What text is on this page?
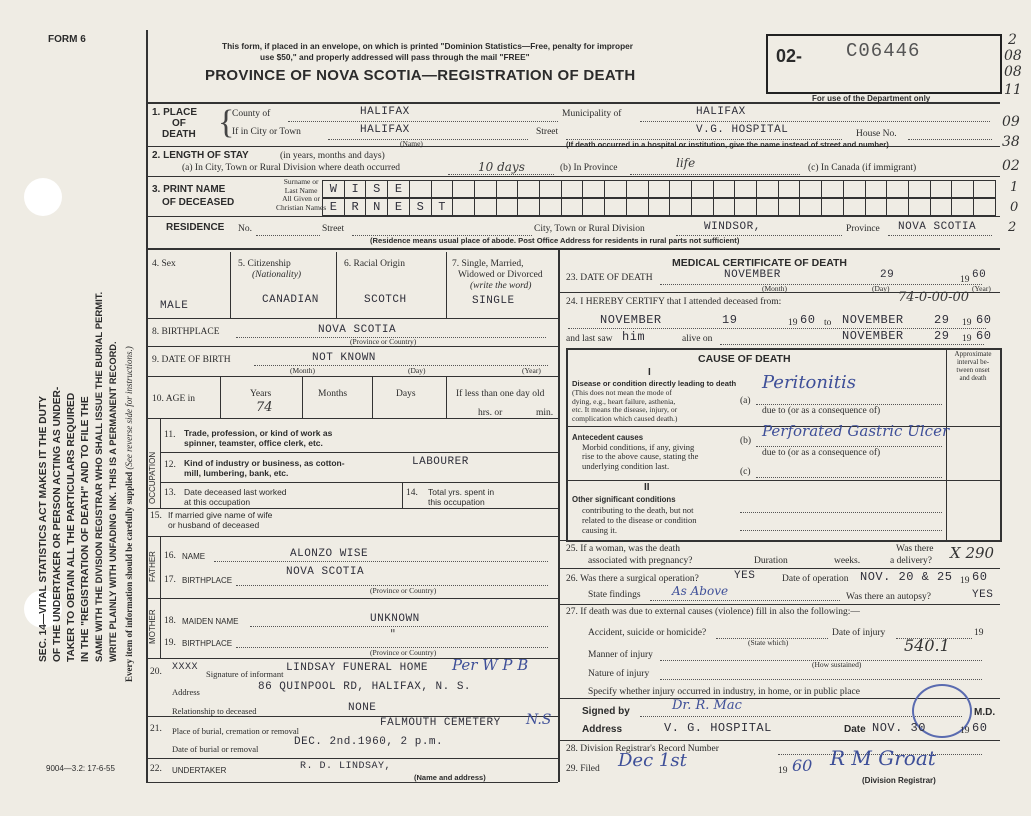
FORM 6
SEC. 14—VITAL STATISTICS ACT MAKES IT THE DUTY OF THE UNDERTAKER OR PERSON ACTING AS UNDER- TAKER TO OBTAIN ALL THE PARTICULARS REQUIRED IN THE "REGISTRATION OF DEATH" AND TO FILE THE SAME WITH THE DIVISION REGISTRAR WHO SHALL ISSUE THE BURIAL PERMIT. WRITE PLAINLY WITH UNFADING INK. THIS IS A PERMANENT RECORD. Every item of information should be carefully supplied (See reverse side for instructions.)
9004—3.2: 17-6-55
This form, if placed in an envelope, on which is printed "Dominion Statistics—Free, penalty for improper
use $50," and properly addressed will pass through the mail "FREE"
PROVINCE OF NOVA SCOTIA—REGISTRATION OF DEATH
02- C06446
For use of the Department only
2
08
08
11
09
38
02
1
0
2
1. PLACE
OF
DEATH {
County of	HALIFAX	Municipality of	HALIFAX
If in City or Town	HALIFAX
(Name)
Street	V.G. HOSPITAL	House No.
(If death occurred in a hospital or institution, give the name instead of street and number)
2. LENGTH OF STAY	(in years, months and days)
(a) In City, Town or Rural Division where death occurred	10 days	(b) In Province	life	(c) In Canada (if immigrant)
3. PRINT NAME
OF DECEASED
Surname or
Last Name
All Given or
Christian Names
W	I	S	E
E	R	N	E	S	T
RESIDENCE No.	Street	City, Town or Rural Division	WINDSOR,	Province NOVA SCOTIA
(Residence means usual place of abode. Post Office Address for residents in rural parts not sufficient)
4. Sex
MALE
5. Citizenship
(Nationality)
CANADIAN
6. Racial Origin
SCOTCH
7. Single, Married,
Widowed or Divorced
(write the word)
SINGLE
8. BIRTHPLACE	NOVA SCOTIA
(Province or Country)
9. DATE OF BIRTH	NOT KNOWN
(Month)	(Day)	(Year)
10. AGE in	Years
74
Months	Days	If less than one day old
hrs. or	min.
OCCUPATION
11. Trade, profession, or kind of work as
spinner, teamster, office clerk, etc.
12. Kind of industry or business, as cotton-
mill, lumbering, bank, etc.
LABOURER
13. Date deceased last worked
at this occupation
14. Total yrs. spent in
this occupation
15. If married give name of wife
or husband of deceased
FATHER 16. NAME	ALONZO WISE
17. BIRTHPLACE
NOVA SCOTIA
(Province or Country)
MOTHER 18. MAIDEN NAME	UNKNOWN
19. BIRTHPLACE
"
(Province or Country)
20. XXXX
Signature of informant LINDSAY FUNERAL HOME Per W P B
Address	86 QUINPOOL RD, HALIFAX, N. S.
Relationship to deceased	NONE
21. Place of burial, cremation or removal
FALMOUTH CEMETERY N.S
Date of burial or removal
DEC. 2nd.1960, 2 p.m.
22. UNDERTAKER	R. D. LINDSAY,
(Name and address)
MEDICAL CERTIFICATE OF DEATH
23. DATE OF DEATH	NOVEMBER	29	19 60
(Month)	(Day)	(Year)
24. I HEREBY CERTIFY that I attended deceased from:	74-0-00-00
NOVEMBER	19	19 60 to NOVEMBER	29 19 60
and last saw him	alive on	NOVEMBER	29 19 60
CAUSE OF DEATH
I
Approximate
interval be-
tween onset
and death
Disease or condition directly leading to death
(This does not mean the mode of
dying, e.g., heart failure, asthenia,
etc. It means the disease, injury, or
complication which caused death.)
(a)
Peritonitis
due to (or as a consequence of)
Antecedent causes
Morbid conditions, if any, giving
rise to the above cause, stating the
underlying condition last.
(b)
Perforated Gastric Ulcer
due to (or as a consequence of)
(c)
II
Other significant conditions
contributing to the death, but not
related to the disease or condition
causing it.
25. If a woman, was the death
associated with pregnancy?	Duration	weeks.
Was there
a delivery? X 290
26. Was there a surgical operation?	YES	Date of operation NOV. 20 & 25 19 60
State findings	As Above	Was there an autopsy?	YES
27. If death was due to external causes (violence) fill in also the following:—
Accident, suicide or homicide?
(State which)
Date of injury	19
Manner of injury	540.1
(How sustained)
Nature of injury
Specify whether injury occurred in industry, in home, or in public place
Signed by	Dr. R. Mac	M.D.
Address	V. G. HOSPITAL	Date NOV. 30	19 60
28. Division Registrar's Record Number
29. Filed Dec 1st	19 60 R M Groat
(Division Registrar)
